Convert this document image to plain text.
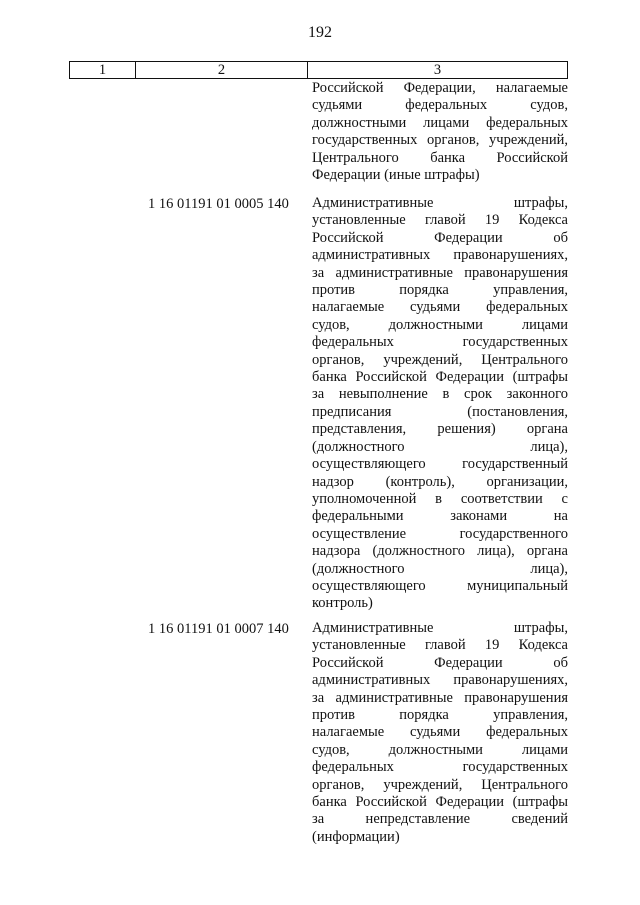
192
1	2	3
Российской Федерации, налагаемые
судьями федеральных судов,
должностными лицами федеральных
государственных органов, учреждений,
Центрального банка Российской
Федерации (иные штрафы)
1 16 01191 01 0005 140 Административные штрафы,
установленные главой 19 Кодекса
Российской Федерации об
административных правонарушениях,
за административные правонарушения
против порядка управления,
налагаемые судьями федеральных
судов, должностными лицами
федеральных государственных
органов, учреждений, Центрального
банка Российской Федерации (штрафы
за невыполнение в срок законного
предписания (постановления,
представления, решения) органа
(должностного лица),
осуществляющего государственный
надзор (контроль), организации,
уполномоченной в соответствии с
федеральными законами на
осуществление государственного
надзора (должностного лица), органа
(должностного лица),
осуществляющего муниципальный
контроль)
1 16 01191 01 0007 140 Административные штрафы,
установленные главой 19 Кодекса
Российской Федерации об
административных правонарушениях,
за административные правонарушения
против порядка управления,
налагаемые судьями федеральных
судов, должностными лицами
федеральных государственных
органов, учреждений, Центрального
банка Российской Федерации (штрафы
за непредставление сведений
(информации)
